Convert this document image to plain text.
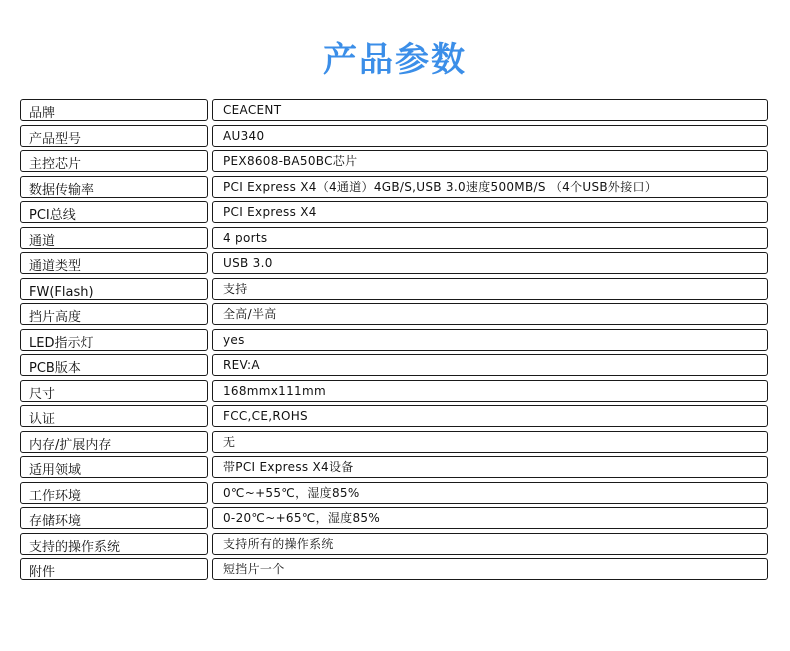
产品参数
品牌	CEACENT
产品型号	AU340
主控芯片	PEX8608-BA50BC芯片
数据传输率	PCI Express X4（4通道）4GB/S,USB 3.0速度500MB/S （4个USB外接口）
PCI总线	PCI Express X4
通道	4 ports
通道类型	USB 3.0
FW(Flash)	支持
挡片高度	全高/半高
LED指示灯	yes
PCB版本	REV:A
尺寸	168mmx111mm
认证	FCC,CE,ROHS
内存/扩展内存	无
适用领域	带PCI Express X4设备
工作环境	0℃~+55℃，湿度85%
存储环境	0-20℃~+65℃，湿度85%
支持的操作系统	支持所有的操作系统
附件	短挡片一个
